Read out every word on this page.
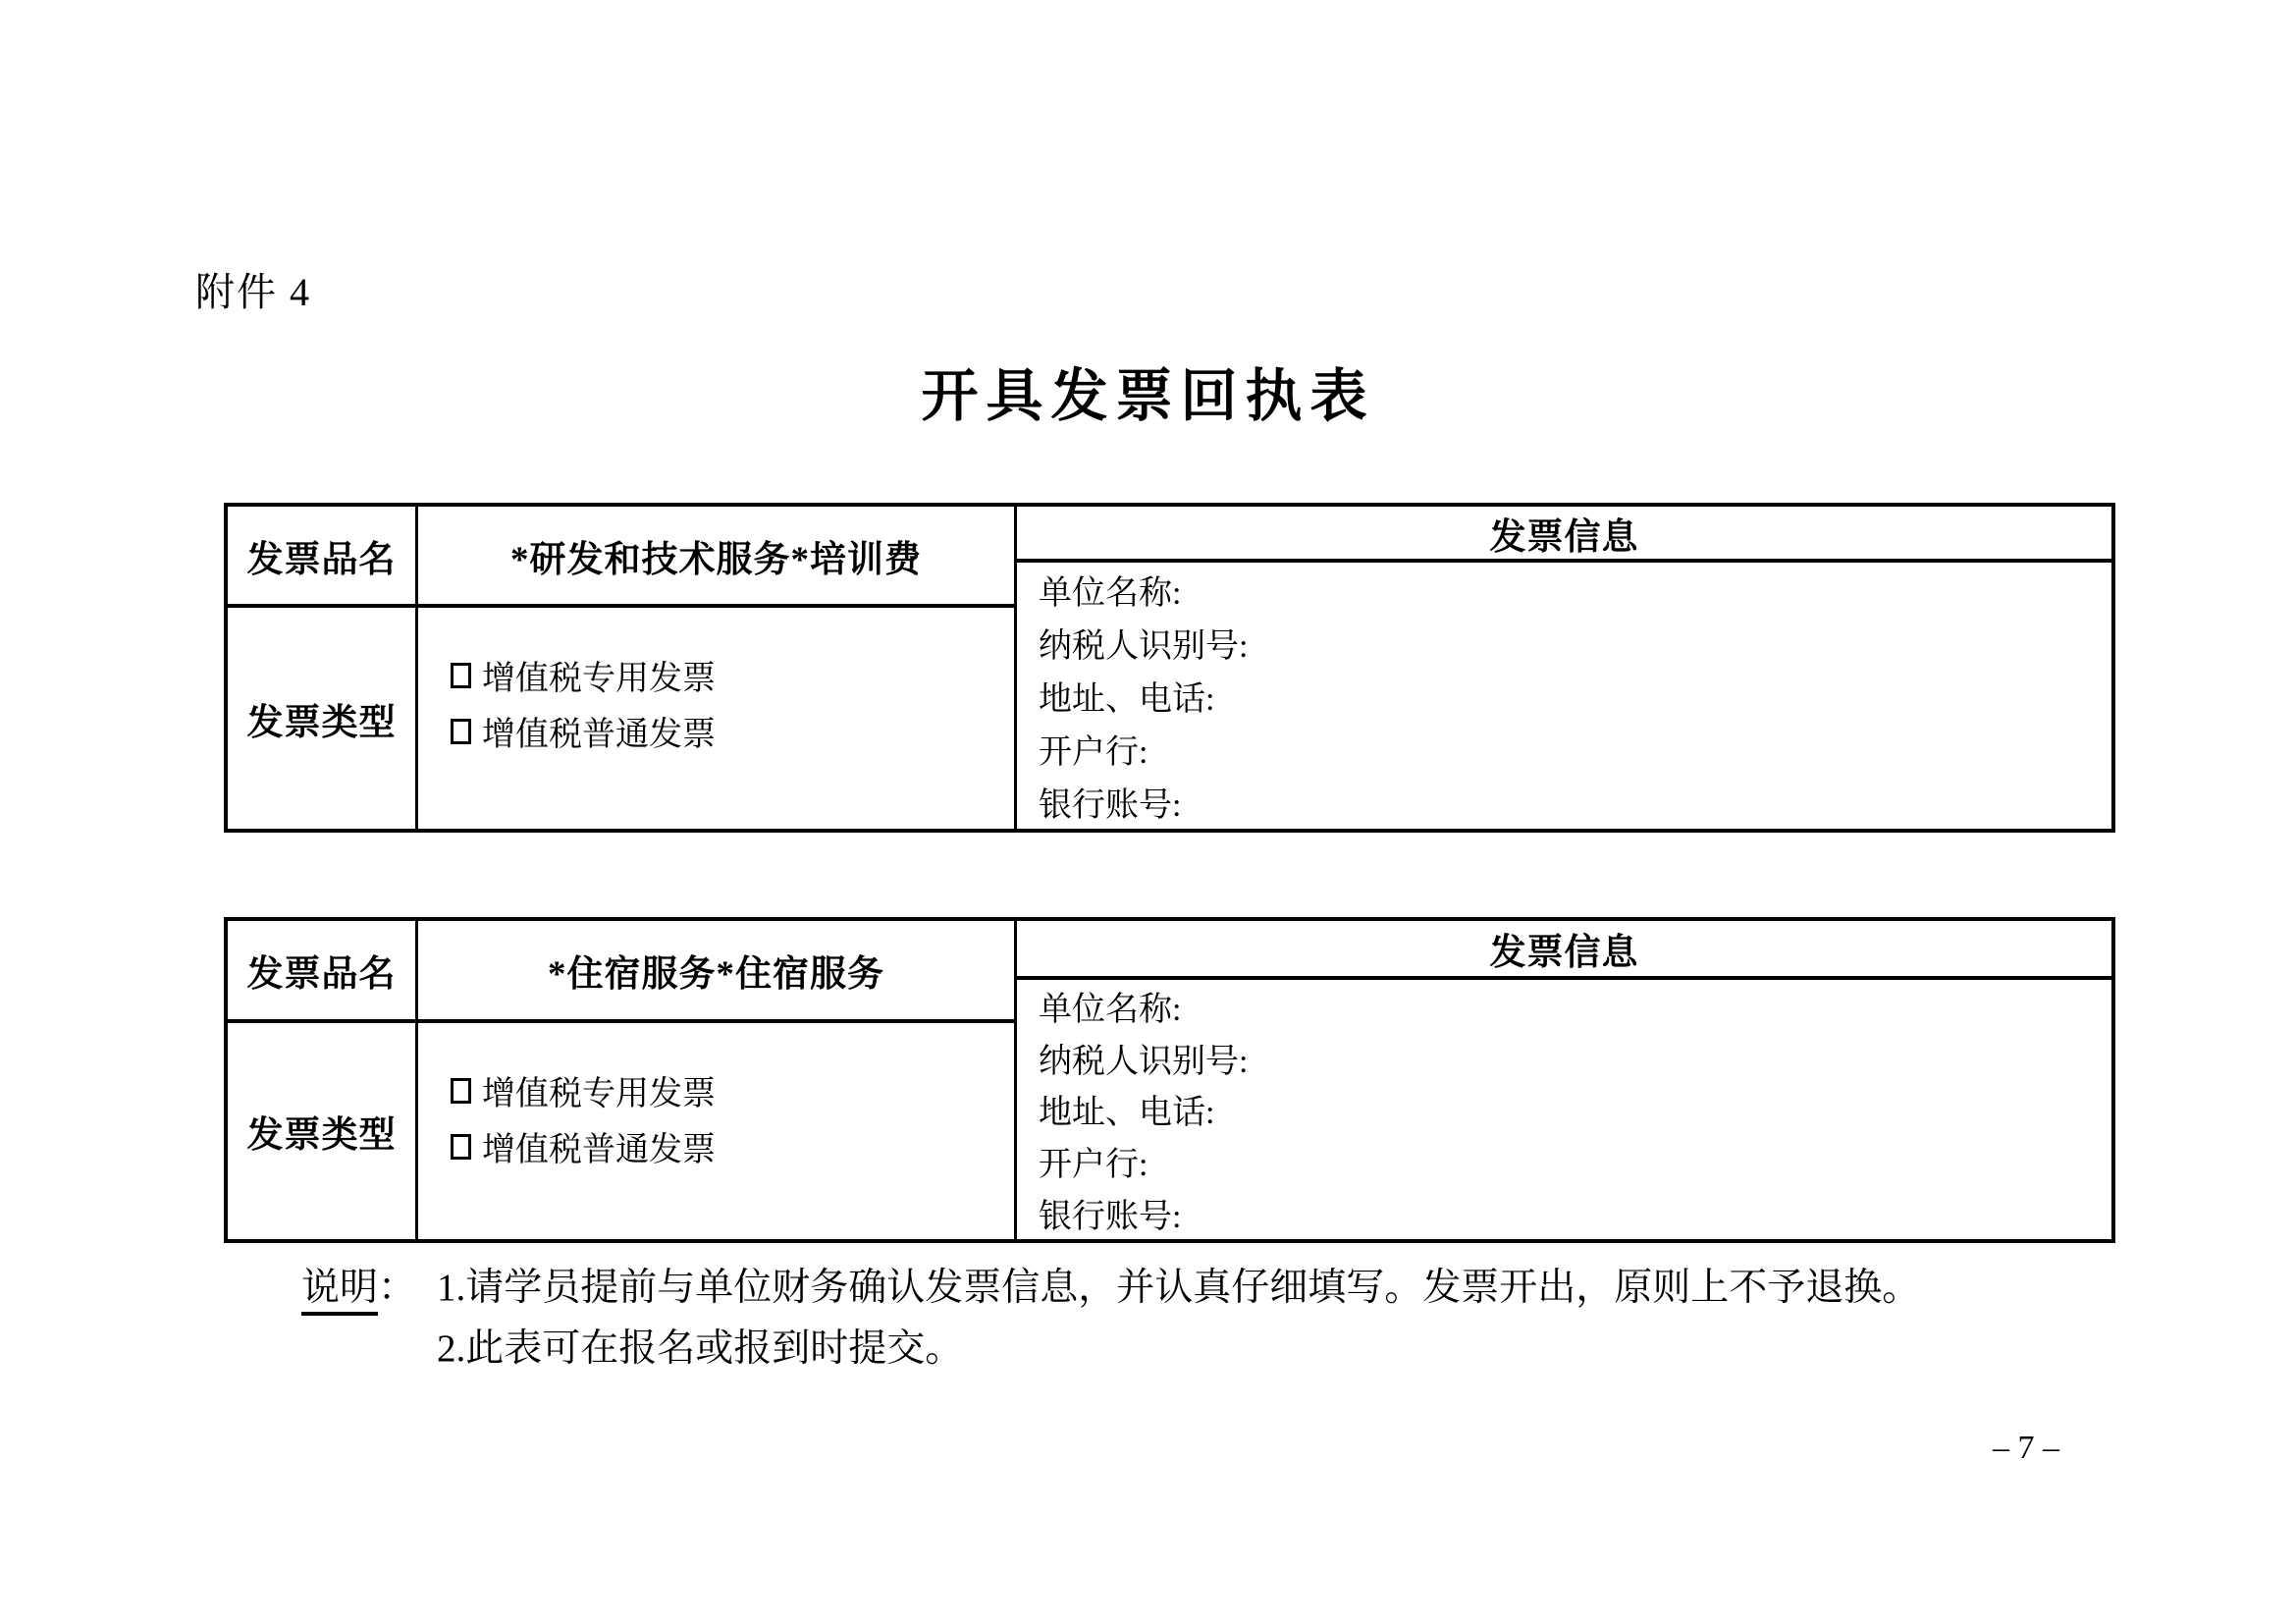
附件 4
开具发票回执表
发票品名	*研发和技术服务*培训费
发票类型
增值税专用发票
增值税普通发票
发票信息
单位名称:
纳税人识别号:
地址、电话:
开户行:
银行账号:
发票品名	*住宿服务*住宿服务
发票类型
增值税专用发票
增值税普通发票
发票信息
单位名称:
纳税人识别号:
地址、电话:
开户行:
银行账号:
说明： 1.请学员提前与单位财务确认发票信息，并认真仔细填写。发票开出，原则上不予退换。
2.此表可在报名或报到时提交。
– 7 –
